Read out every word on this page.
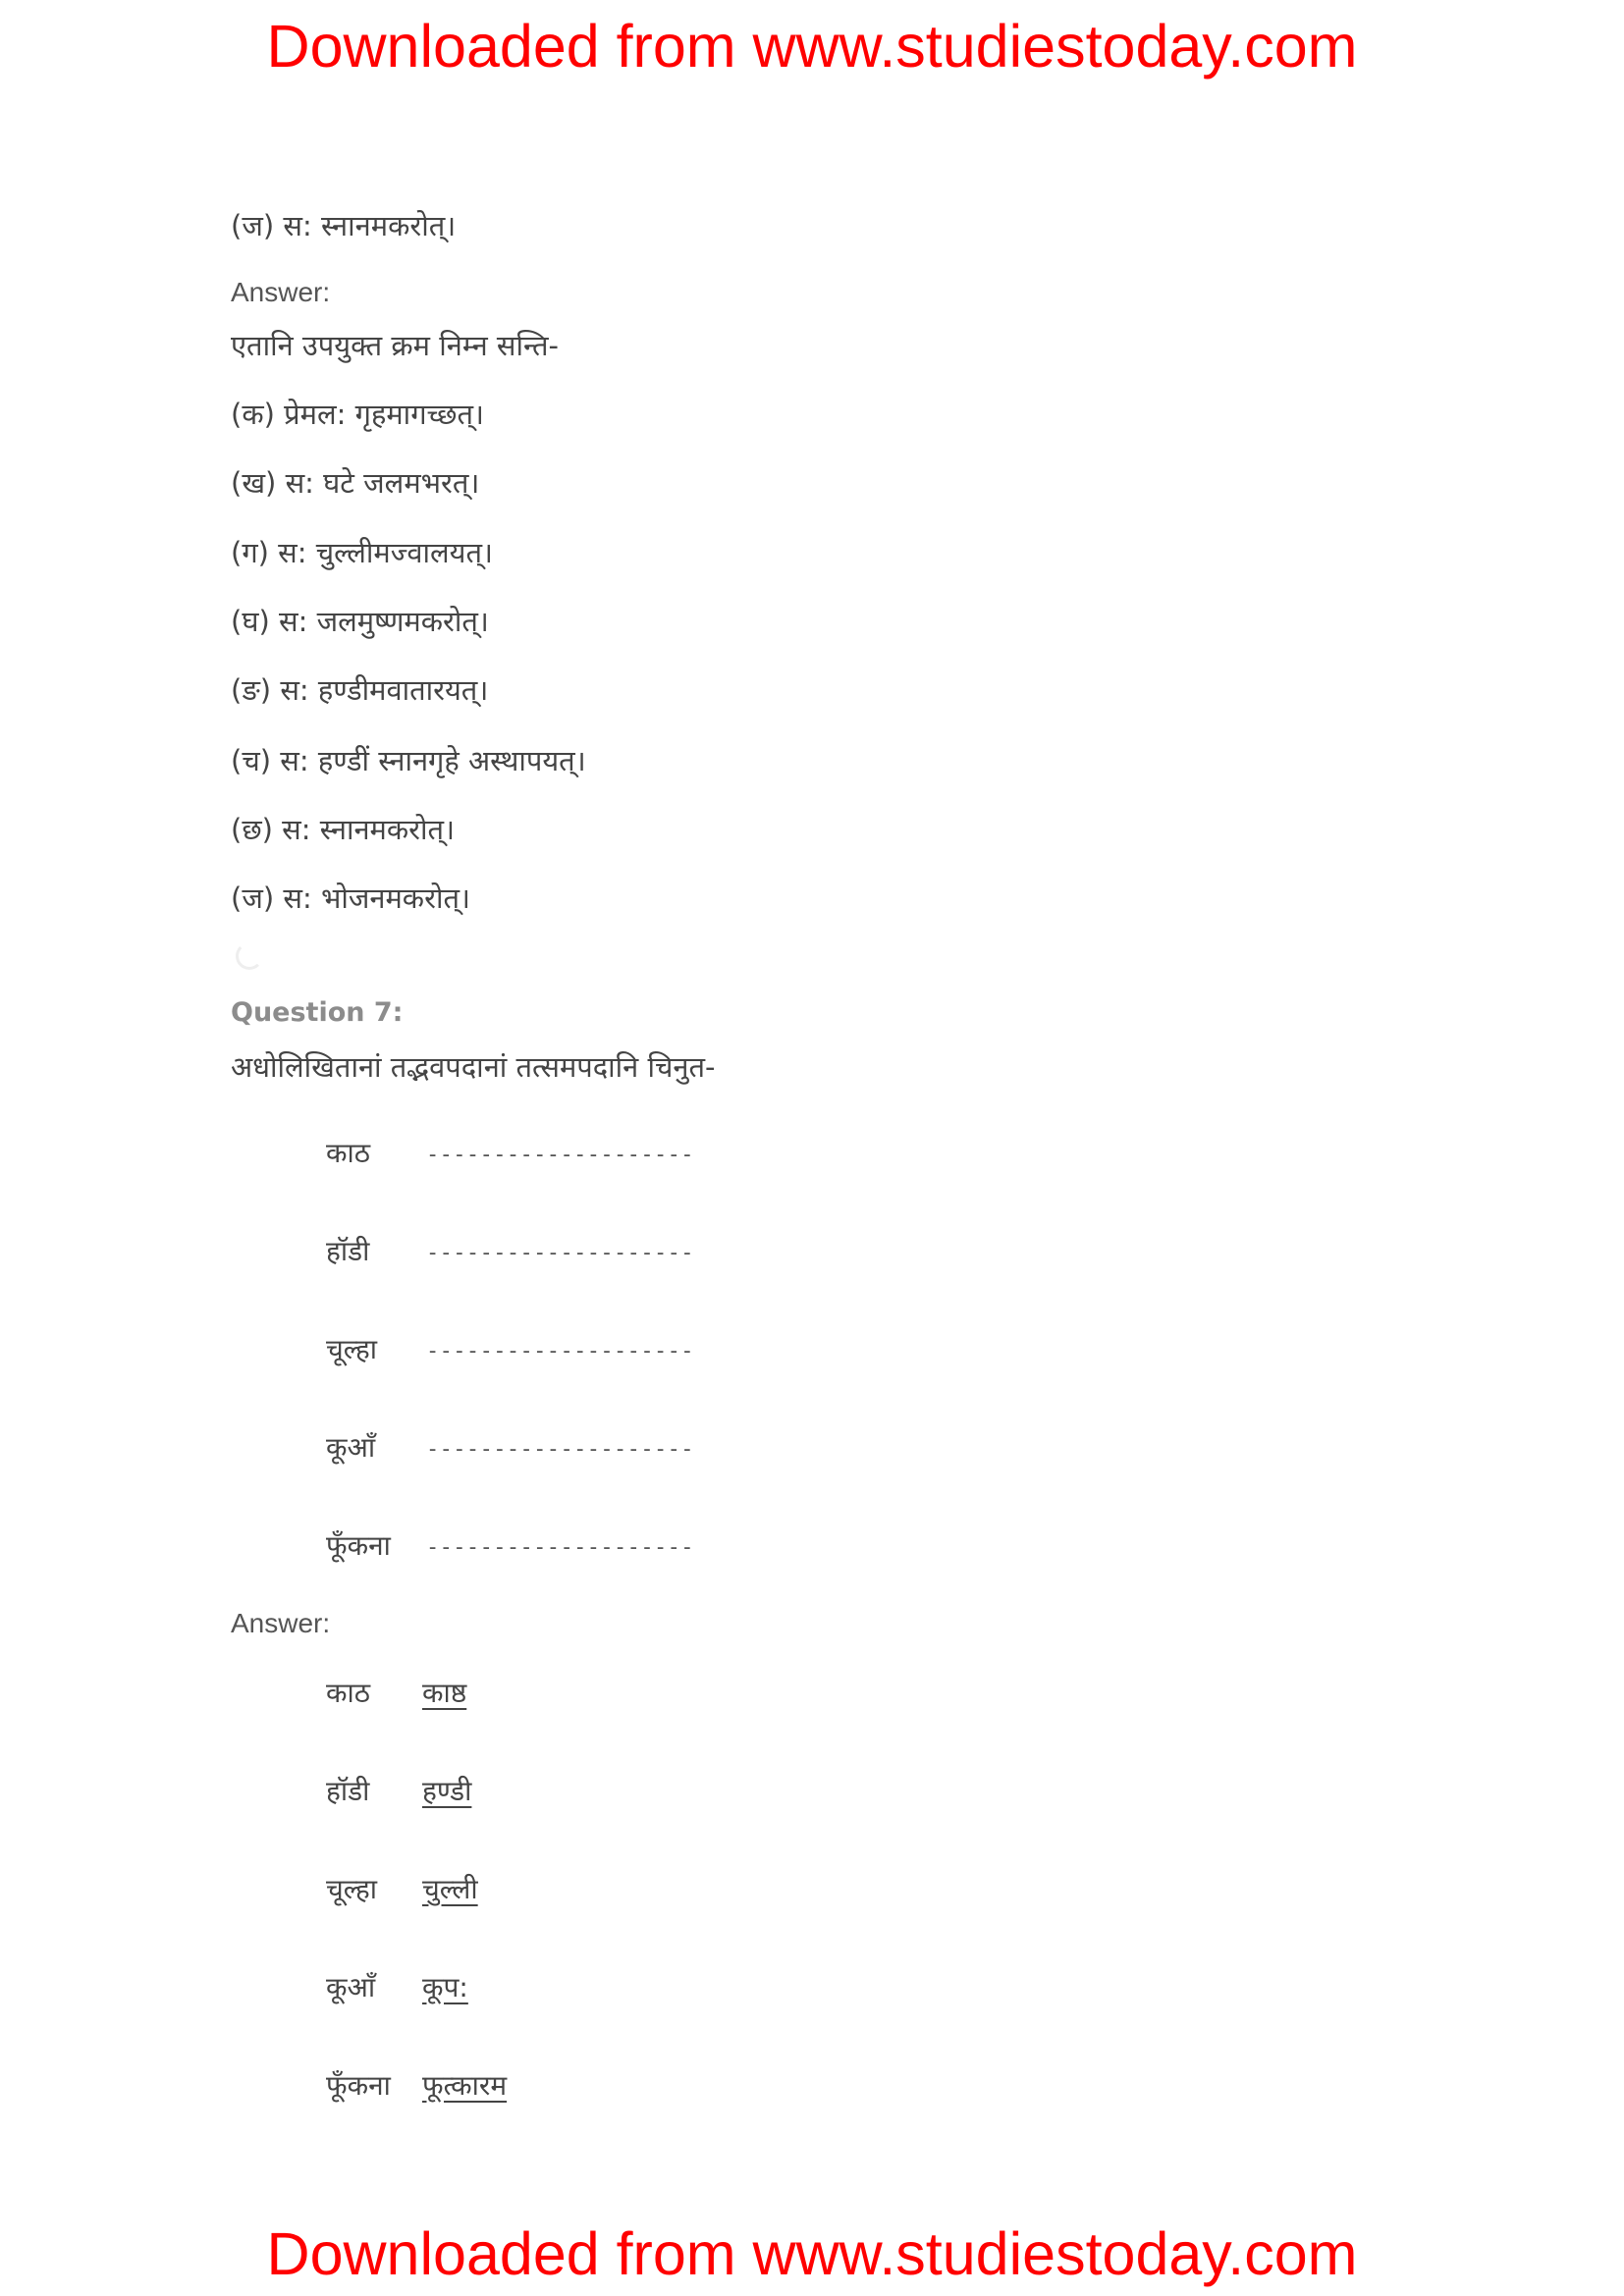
Downloaded from www.studiestoday.com
(ज) स: स्नानमकरोत्।
Answer:
एतानि उपयुक्त क्रम निम्न सन्ति-
(क) प्रेमल: गृहमागच्छत्।
(ख) स: घटे जलमभरत्।
(ग) स: चुल्लीमज्वालयत्।
(घ) स: जलमुष्णमकरोत्।
(ङ) स: हण्डीमवातारयत्।
(च) स: हण्डीं स्नानगृहे अस्थापयत्।
(छ) स: स्नानमकरोत्।
(ज) स: भोजनमकरोत्।
Question 7:
अधोलिखितानां तद्भवपदानां तत्समपदानि चिनुत-
काठ	--------------------
हॉडी	--------------------
चूल्हा --------------------
कूआँ --------------------
फूँकना --------------------
Answer:
काठ काष्ठ
हॉडी हण्डी
चूल्हा चुल्ली
कूआँ कूप:
फूँकना फूत्कारम
Downloaded from www.studiestoday.com
